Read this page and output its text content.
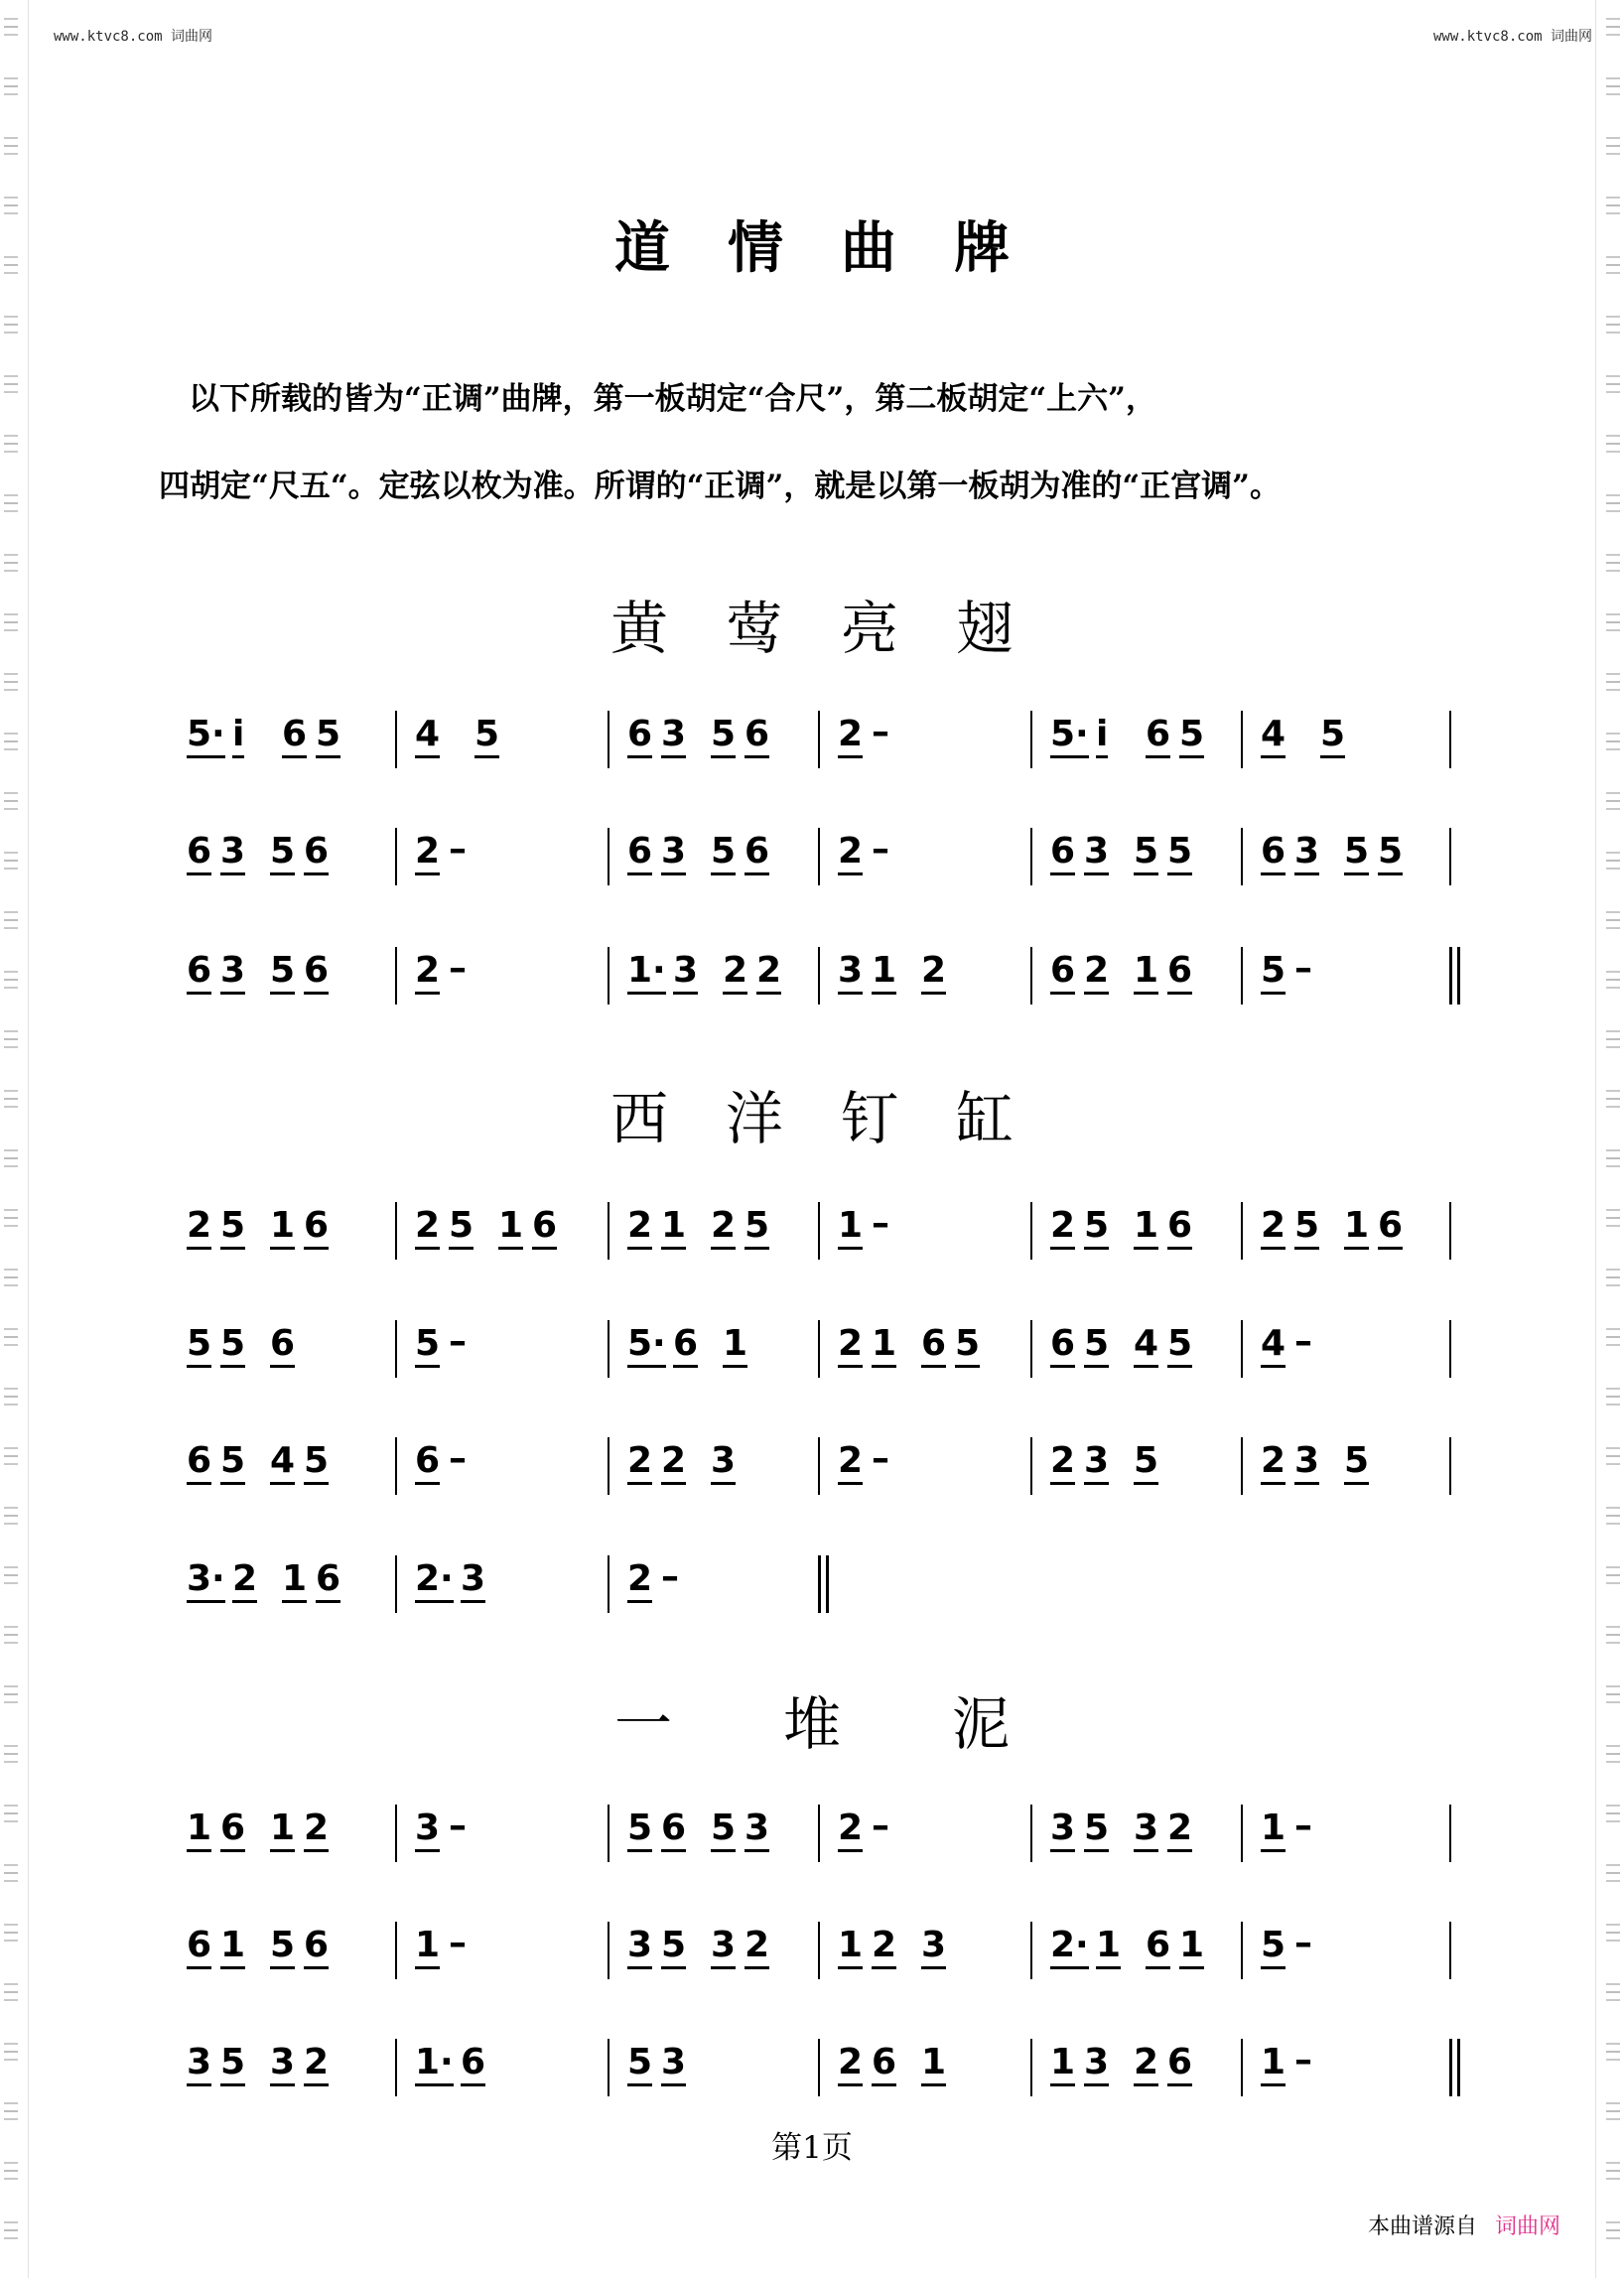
www.ktvc8.com 词曲网	www.ktvc8.com 词曲网
道情曲牌
以下所载的皆为“正调”曲牌，第一板胡定“合尺”，第二板胡定“上六”，
四胡定“尺五“。定弦以枚为准。所谓的“正调”，就是以第一板胡为准的“正宫调”。
黄莺亮翅
西洋钉缸
一堆泥
5· i 6 5 4 5	6 3 5 6 2 –	5· i 6 5 4 5
6 3 5 6 2 –	6 3 5 6 2 –	6 3 5 5 6 3 5 5
6 3 5 6 2 –	1· 3 2 2 3 1 2	6 2 1 6 5 –
2 5 1 6 2 5 1 6 2 1 2 5 1 –	2 5 1 6 2 5 1 6
5 5 6	5 –	5· 6 1	2 1 6 5 6 5 4 5 4 –
6 5 4 5 6 –	2 2 3	2 –	2 3 5	2 3 5
3· 2 1 6 2· 3	2 –
1 6 1 2 3 –	5 6 5 3 2 –	3 5 3 2 1 –
6 1 5 6 1 –	3 5 3 2 1 2 3	2· 1 6 1 5 –
3 5 3 2 1· 6	5 3	2 6 1	1 3 2 6 1 –
第1页
本曲谱源自 词曲网
